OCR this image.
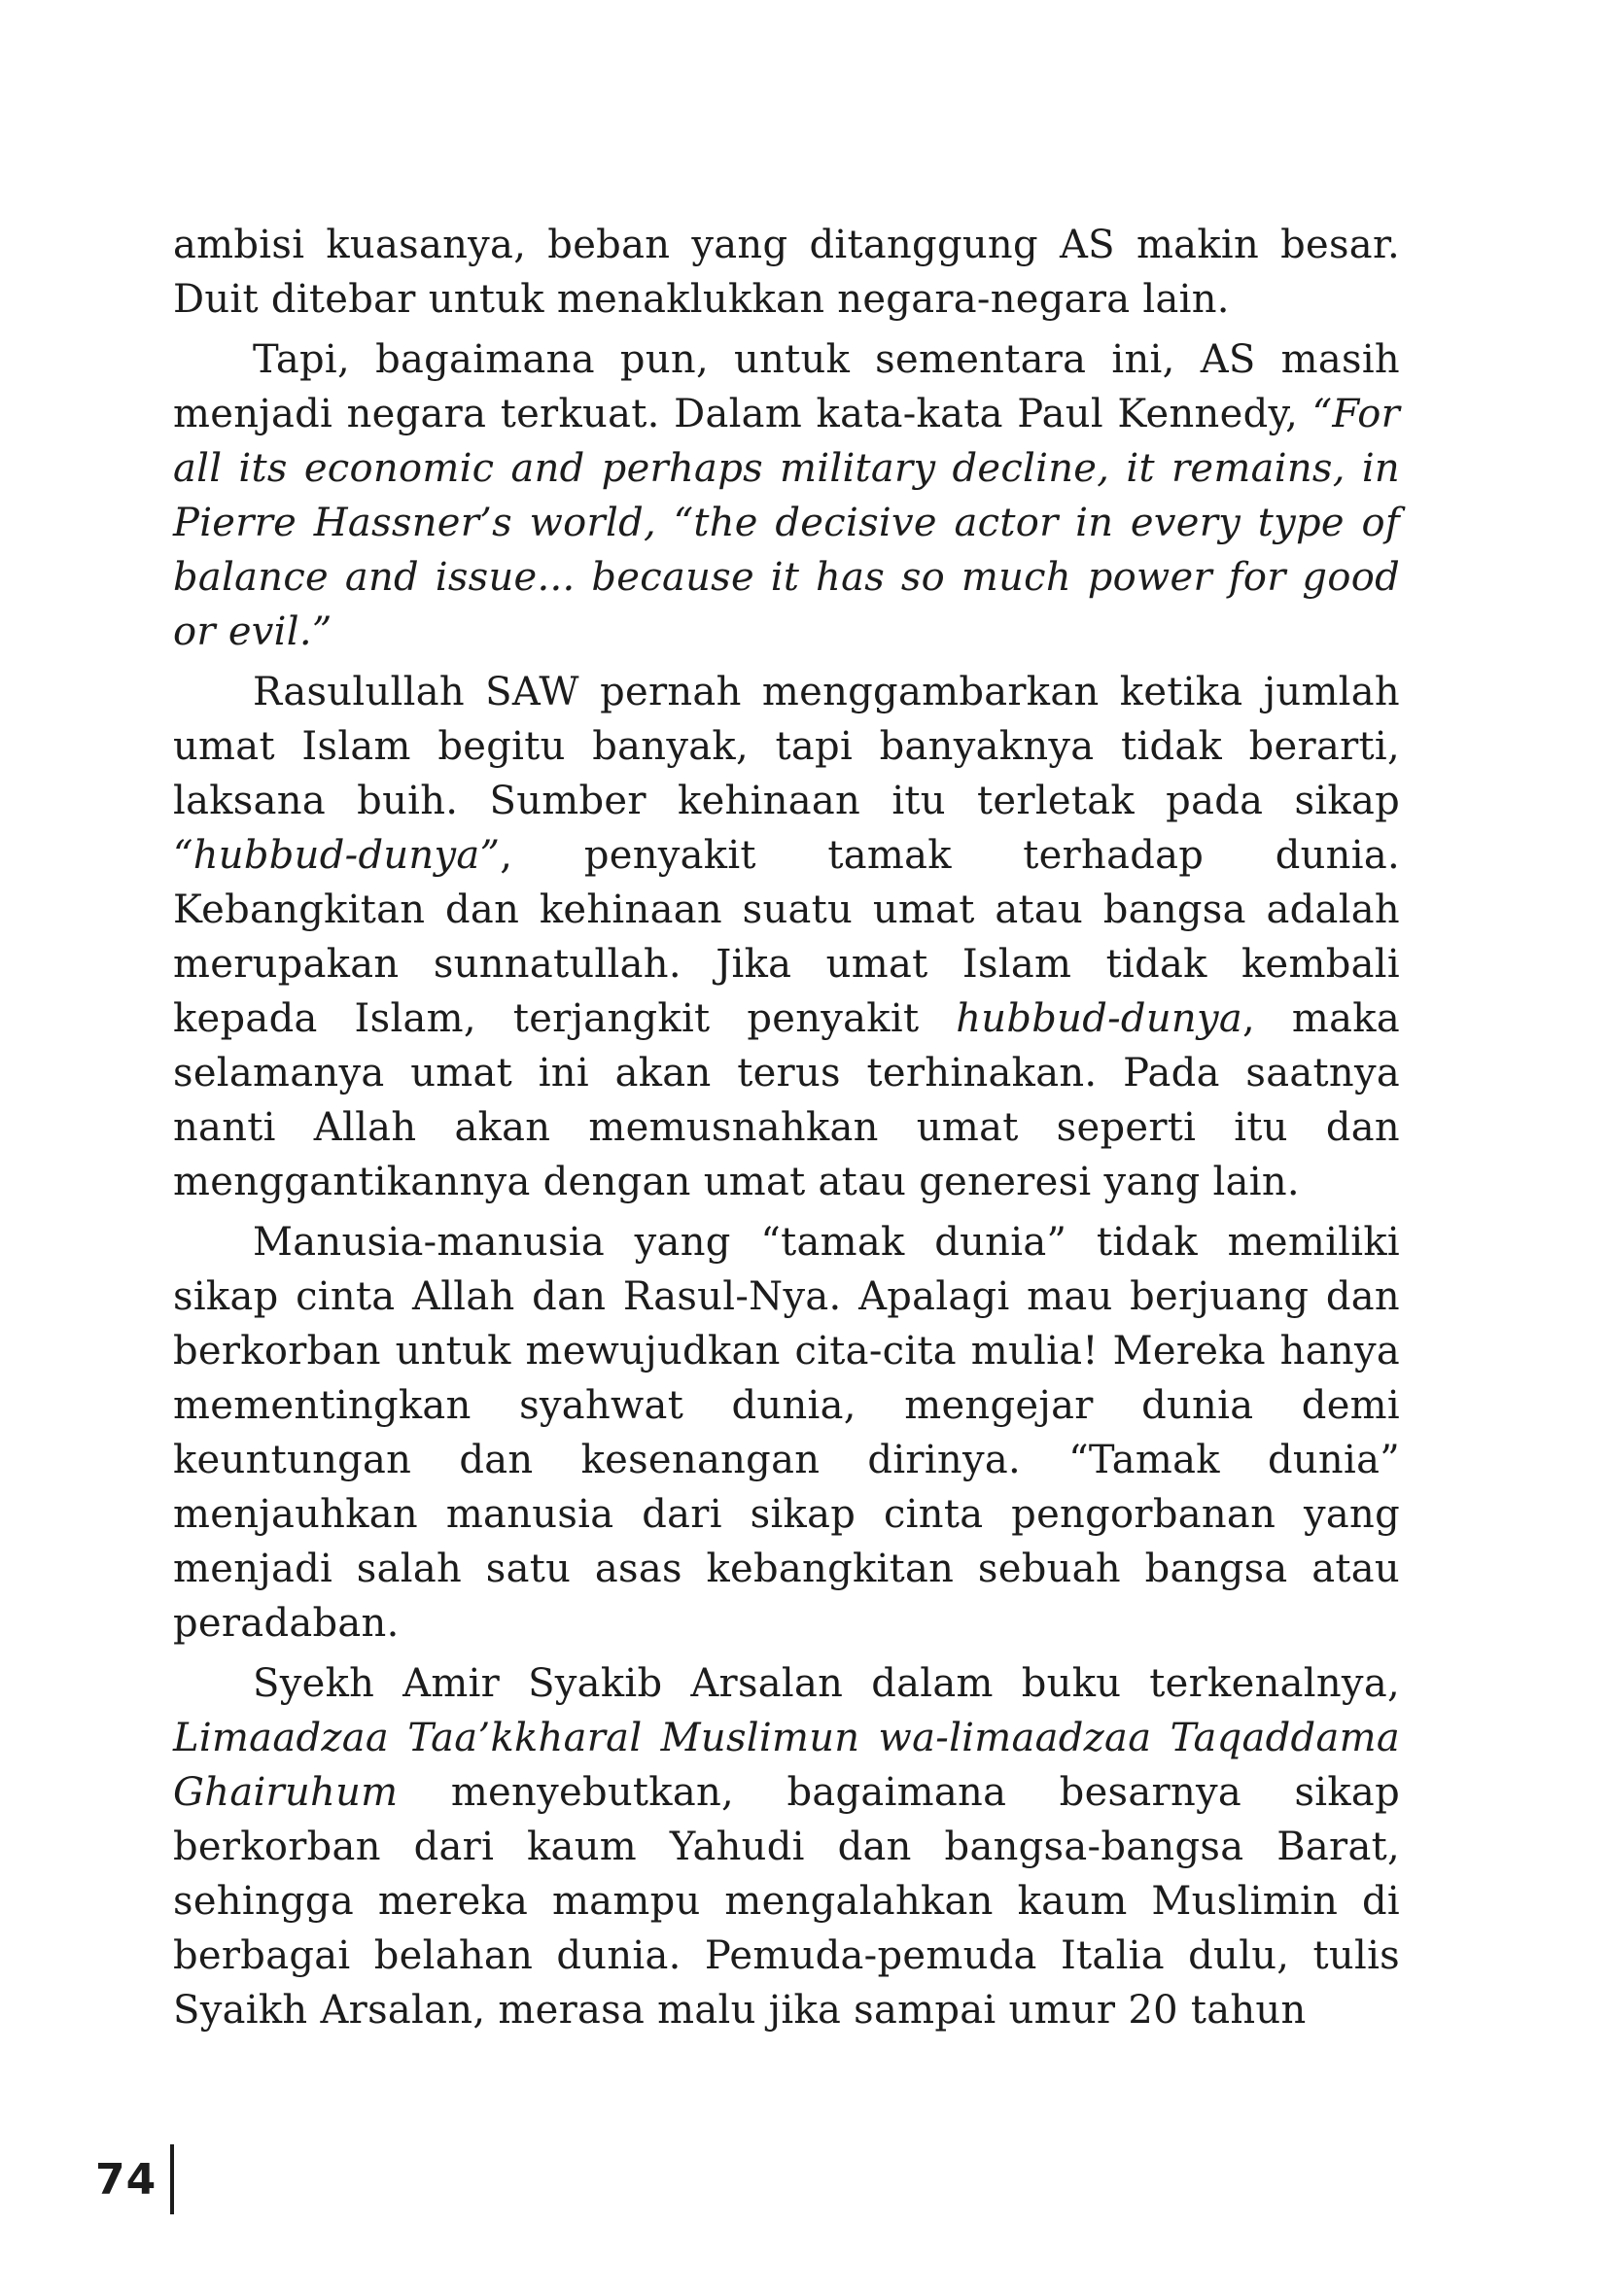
ambisi kuasanya, beban yang ditanggung AS makin besar. Duit ditebar untuk menaklukkan negara-negara lain.

Tapi, bagaimana pun, untuk sementara ini, AS masih menjadi negara terkuat. Dalam kata-kata Paul Kennedy, “For all its economic and perhaps military decline, it remains, in Pierre Hassner’s world, “the decisive actor in every type of balance and issue... because it has so much power for good or evil.”

Rasulullah SAW pernah menggambarkan ketika jumlah umat Islam begitu banyak, tapi banyaknya tidak berarti, laksana buih. Sumber kehinaan itu terletak pada sikap “hubbud-dunya”, penyakit tamak terhadap dunia. Kebangkitan dan kehinaan suatu umat atau bangsa adalah merupakan sunnatullah. Jika umat Islam tidak kembali kepada Islam, terjangkit penyakit hubbud-dunya, maka selamanya umat ini akan terus terhinakan. Pada saatnya nanti Allah akan memusnahkan umat seperti itu dan menggantikannya dengan umat atau generesi yang lain.

Manusia-manusia yang “tamak dunia” tidak memiliki sikap cinta Allah dan Rasul-Nya. Apalagi mau berjuang dan berkorban untuk mewujudkan cita-cita mulia! Mereka hanya mementingkan syahwat dunia, mengejar dunia demi keuntungan dan kesenangan dirinya. “Tamak dunia” menjauhkan manusia dari sikap cinta pengorbanan yang menjadi salah satu asas kebangkitan sebuah bangsa atau peradaban.

Syekh Amir Syakib Arsalan dalam buku terkenalnya, Limaadzaa Taa’kkharal Muslimun wa-limaadzaa Taqaddama Ghairuhum menyebutkan, bagaimana besarnya sikap berkorban dari kaum Yahudi dan bangsa-bangsa Barat, sehingga mereka mampu mengalahkan kaum Muslimin di berbagai belahan dunia. Pemuda-pemuda Italia dulu, tulis Syaikh Arsalan, merasa malu jika sampai umur 20 tahun

74
